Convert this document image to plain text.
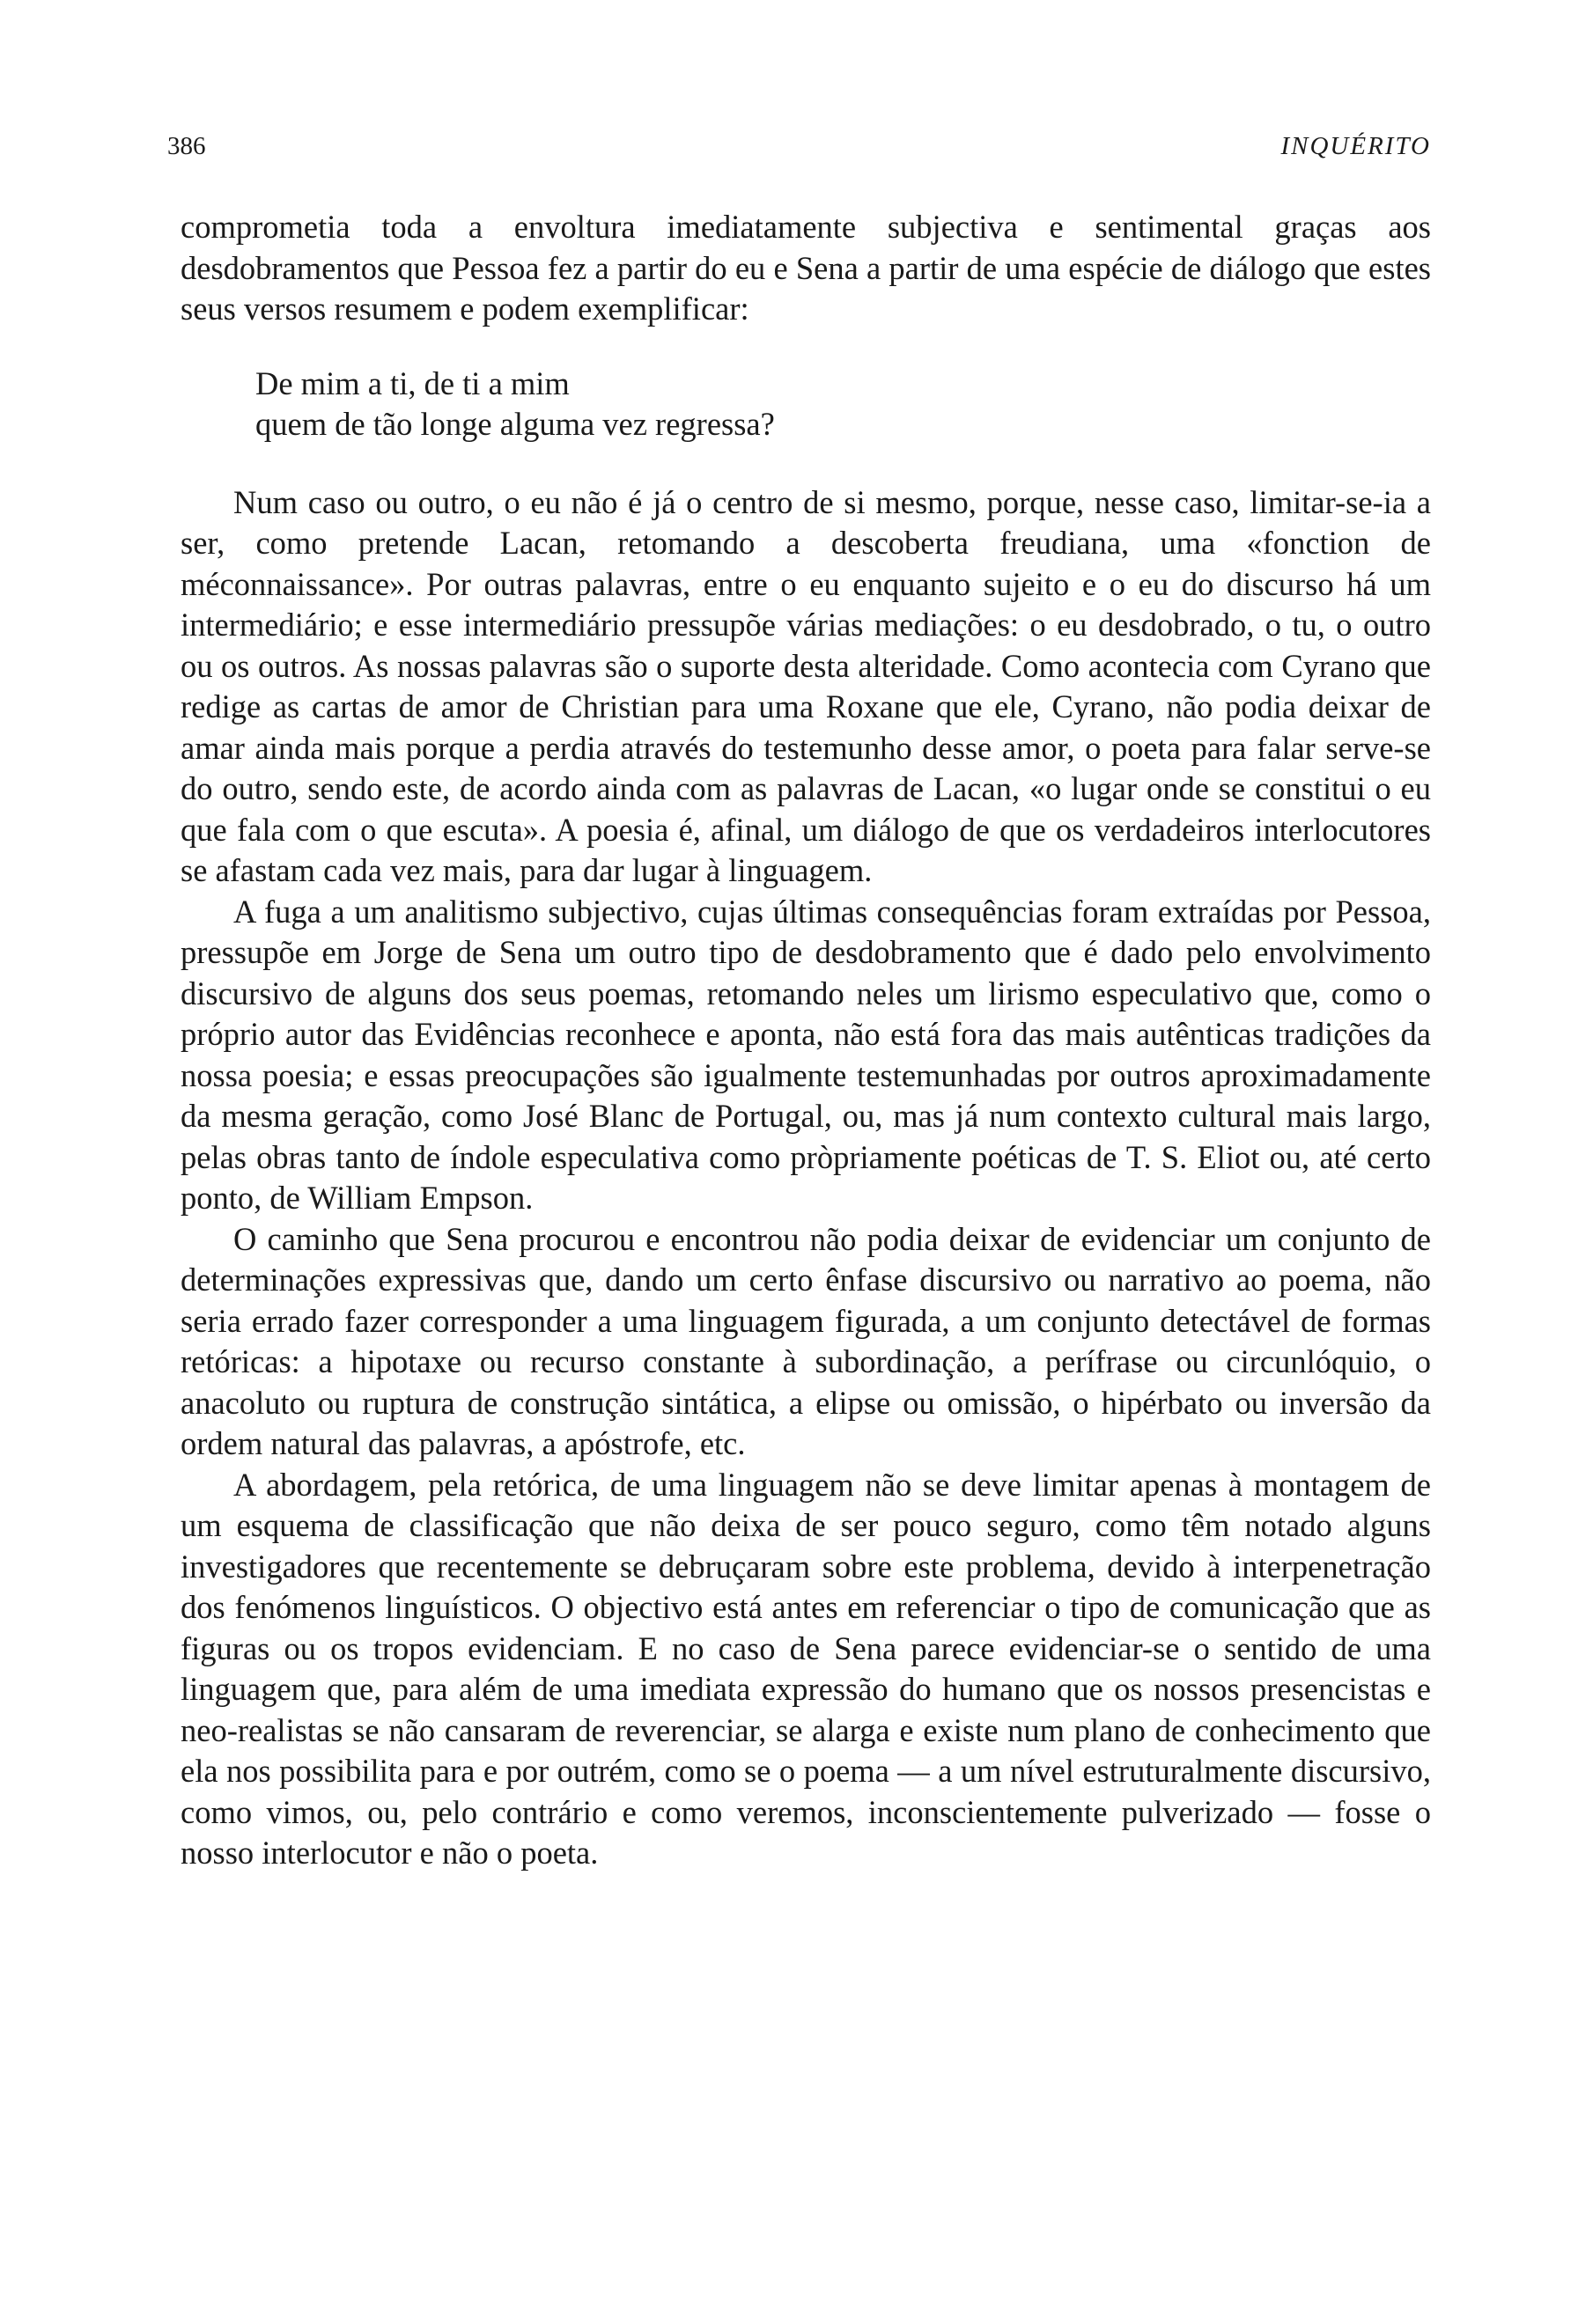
386	INQUÉRITO

comprometia toda a envoltura imediatamente subjectiva e sentimental graças aos desdobramentos que Pessoa fez a partir do eu e Sena a partir de uma espécie de diálogo que estes seus versos resumem e podem exemplificar:

De mim a ti, de ti a mim
quem de tão longe alguma vez regressa?

Num caso ou outro, o eu não é já o centro de si mesmo, porque, nesse caso, limitar-se-ia a ser, como pretende Lacan, retomando a descoberta freudiana, uma «fonction de méconnaissance». Por outras palavras, entre o eu enquanto sujeito e o eu do discurso há um intermediário; e esse intermediário pressupõe várias mediações: o eu desdobrado, o tu, o outro ou os outros. As nossas palavras são o suporte desta alteridade. Como acontecia com Cyrano que redige as cartas de amor de Christian para uma Roxane que ele, Cyrano, não podia deixar de amar ainda mais porque a perdia através do testemunho desse amor, o poeta para falar serve-se do outro, sendo este, de acordo ainda com as palavras de Lacan, «o lugar onde se constitui o eu que fala com o que escuta». A poesia é, afinal, um diálogo de que os verdadeiros interlocutores se afastam cada vez mais, para dar lugar à linguagem.

A fuga a um analitismo subjectivo, cujas últimas consequências foram extraídas por Pessoa, pressupõe em Jorge de Sena um outro tipo de desdobramento que é dado pelo envolvimento discursivo de alguns dos seus poemas, retomando neles um lirismo especulativo que, como o próprio autor das Evidências reconhece e aponta, não está fora das mais autênticas tradições da nossa poesia; e essas preocupações são igualmente testemunhadas por outros aproximadamente da mesma geração, como José Blanc de Portugal, ou, mas já num contexto cultural mais largo, pelas obras tanto de índole especulativa como pròpriamente poéticas de T. S. Eliot ou, até certo ponto, de William Empson.

O caminho que Sena procurou e encontrou não podia deixar de evidenciar um conjunto de determinações expressivas que, dando um certo ênfase discursivo ou narrativo ao poema, não seria errado fazer corresponder a uma linguagem figurada, a um conjunto detectável de formas retóricas: a hipotaxe ou recurso constante à subordinação, a perífrase ou circunlóquio, o anacoluto ou ruptura de construção sintática, a elipse ou omissão, o hipérbato ou inversão da ordem natural das palavras, a apóstrofe, etc.

A abordagem, pela retórica, de uma linguagem não se deve limitar apenas à montagem de um esquema de classificação que não deixa de ser pouco seguro, como têm notado alguns investigadores que recentemente se debruçaram sobre este problema, devido à interpenetração dos fenómenos linguísticos. O objectivo está antes em referenciar o tipo de comunicação que as figuras ou os tropos evidenciam. E no caso de Sena parece evidenciar-se o sentido de uma linguagem que, para além de uma imediata expressão do humano que os nossos presencistas e neo-realistas se não cansaram de reverenciar, se alarga e existe num plano de conhecimento que ela nos possibilita para e por outrém, como se o poema — a um nível estruturalmente discursivo, como vimos, ou, pelo contrário e como veremos, inconscientemente pulverizado — fosse o nosso interlocutor e não o poeta.
